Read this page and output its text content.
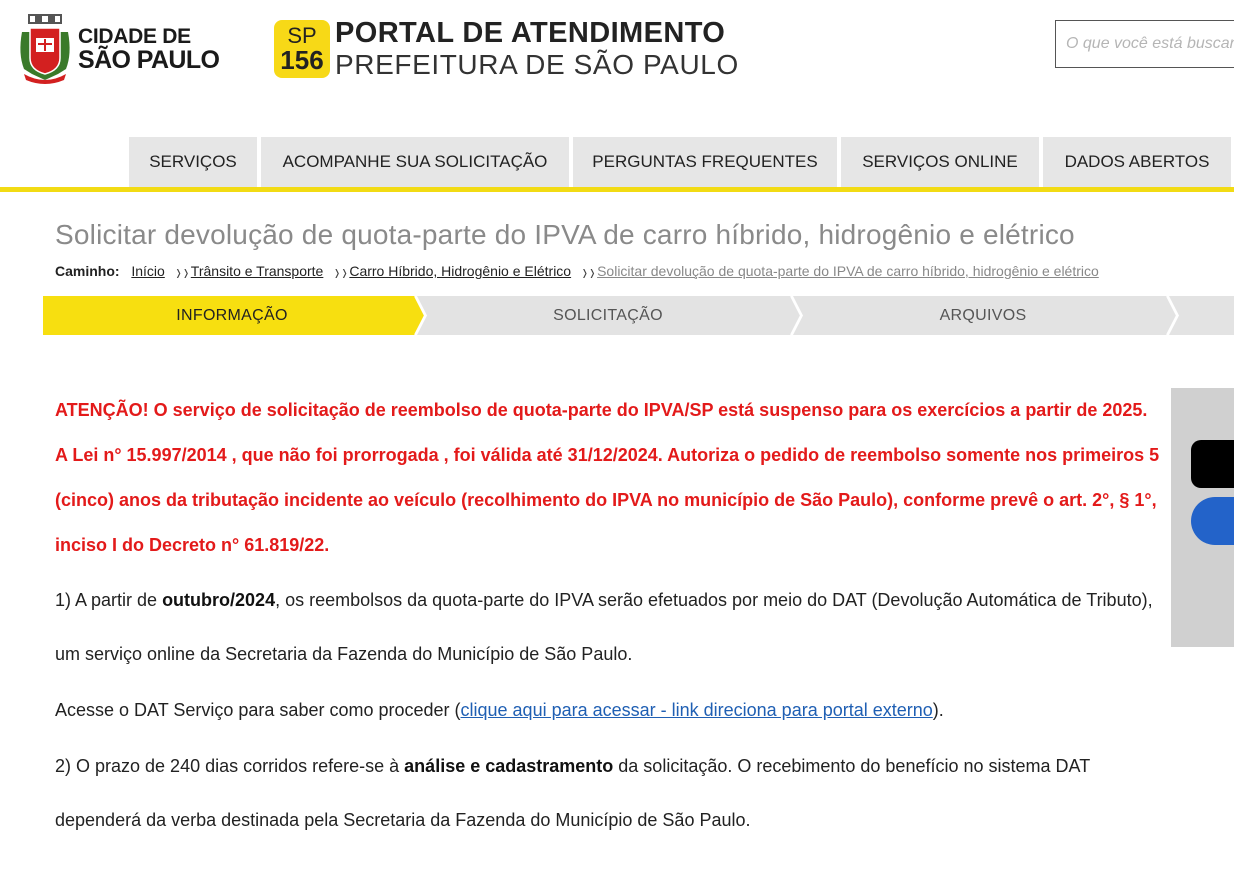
CIDADE DE
SÃO PAULO
SP
156
PORTAL DE ATENDIMENTO
PREFEITURA DE SÃO PAULO
O que você está buscando?
SERVIÇOS	ACOMPANHE SUA SOLICITAÇÃO	PERGUNTAS FREQUENTES	SERVIÇOS ONLINE	DADOS ABERTOS
Solicitar devolução de quota-parte do IPVA de carro híbrido, hidrogênio e elétrico
Caminho: Início ❭❭Trânsito e Transporte ❭❭Carro Híbrido, Hidrogênio e Elétrico ❭❭Solicitar devolução de quota-parte do IPVA de carro híbrido, hidrogênio e elétrico
INFORMAÇÃO	SOLICITAÇÃO	ARQUIVOS
ATENÇÃO! O serviço de solicitação de reembolso de quota-parte do IPVA/SP está suspenso para os exercícios a partir de 2025.
A Lei n° 15.997/2014 , que não foi prorrogada , foi válida até 31/12/2024. Autoriza o pedido de reembolso somente nos primeiros 5 (cinco) anos da tributação incidente ao veículo (recolhimento do IPVA no município de São Paulo), conforme prevê o art. 2°, § 1°, inciso I do Decreto n° 61.819/22.
1) A partir de outubro/2024, os reembolsos da quota-parte do IPVA serão efetuados por meio do DAT (Devolução Automática de Tributo), um serviço online da Secretaria da Fazenda do Município de São Paulo.
Acesse o DAT Serviço para saber como proceder (clique aqui para acessar - link direciona para portal externo).
2) O prazo de 240 dias corridos refere-se à análise e cadastramento da solicitação. O recebimento do benefício no sistema DAT dependerá da verba destinada pela Secretaria da Fazenda do Município de São Paulo.
